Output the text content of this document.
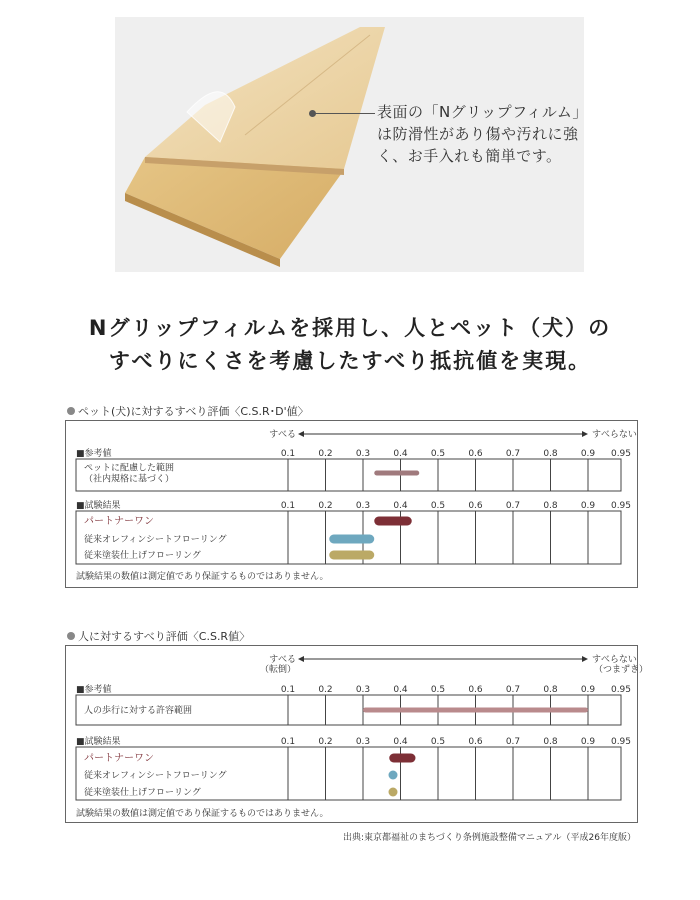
表面の「Nグリップフィルム」は防滑性があり傷や汚れに強く、お手入れも簡単です。
Nグリップフィルムを採用し、人とペット（犬）の
すべりにくさを考慮したすべり抵抗値を実現。
ペット(犬)に対するすべり評価〈C.S.R･D'値〉
すべる	すべらない
■参考値	0.1	0.2	0.3	0.4	0.5	0.6	0.7	0.8	0.9 0.95
ペットに配慮した範囲
（社内規格に基づく）
■試験結果	0.1	0.2	0.3	0.4	0.5	0.6	0.7	0.8	0.9 0.95
パートナーワン
従来オレフィンシートフローリング
従来塗装仕上げフローリング
試験結果の数値は測定値であり保証するものではありません。
人に対するすべり評価〈C.S.R値〉
すべる	すべらない
（転倒）	（つまずき）
■参考値	0.1	0.2	0.3	0.4	0.5	0.6	0.7	0.8	0.9 0.95
人の歩行に対する許容範囲
■試験結果	0.1	0.2	0.3	0.4	0.5	0.6	0.7	0.8	0.9 0.95
パートナーワン
従来オレフィンシートフローリング
従来塗装仕上げフローリング
試験結果の数値は測定値であり保証するものではありません。
出典:東京都福祉のまちづくり条例施設整備マニュアル（平成26年度版）
